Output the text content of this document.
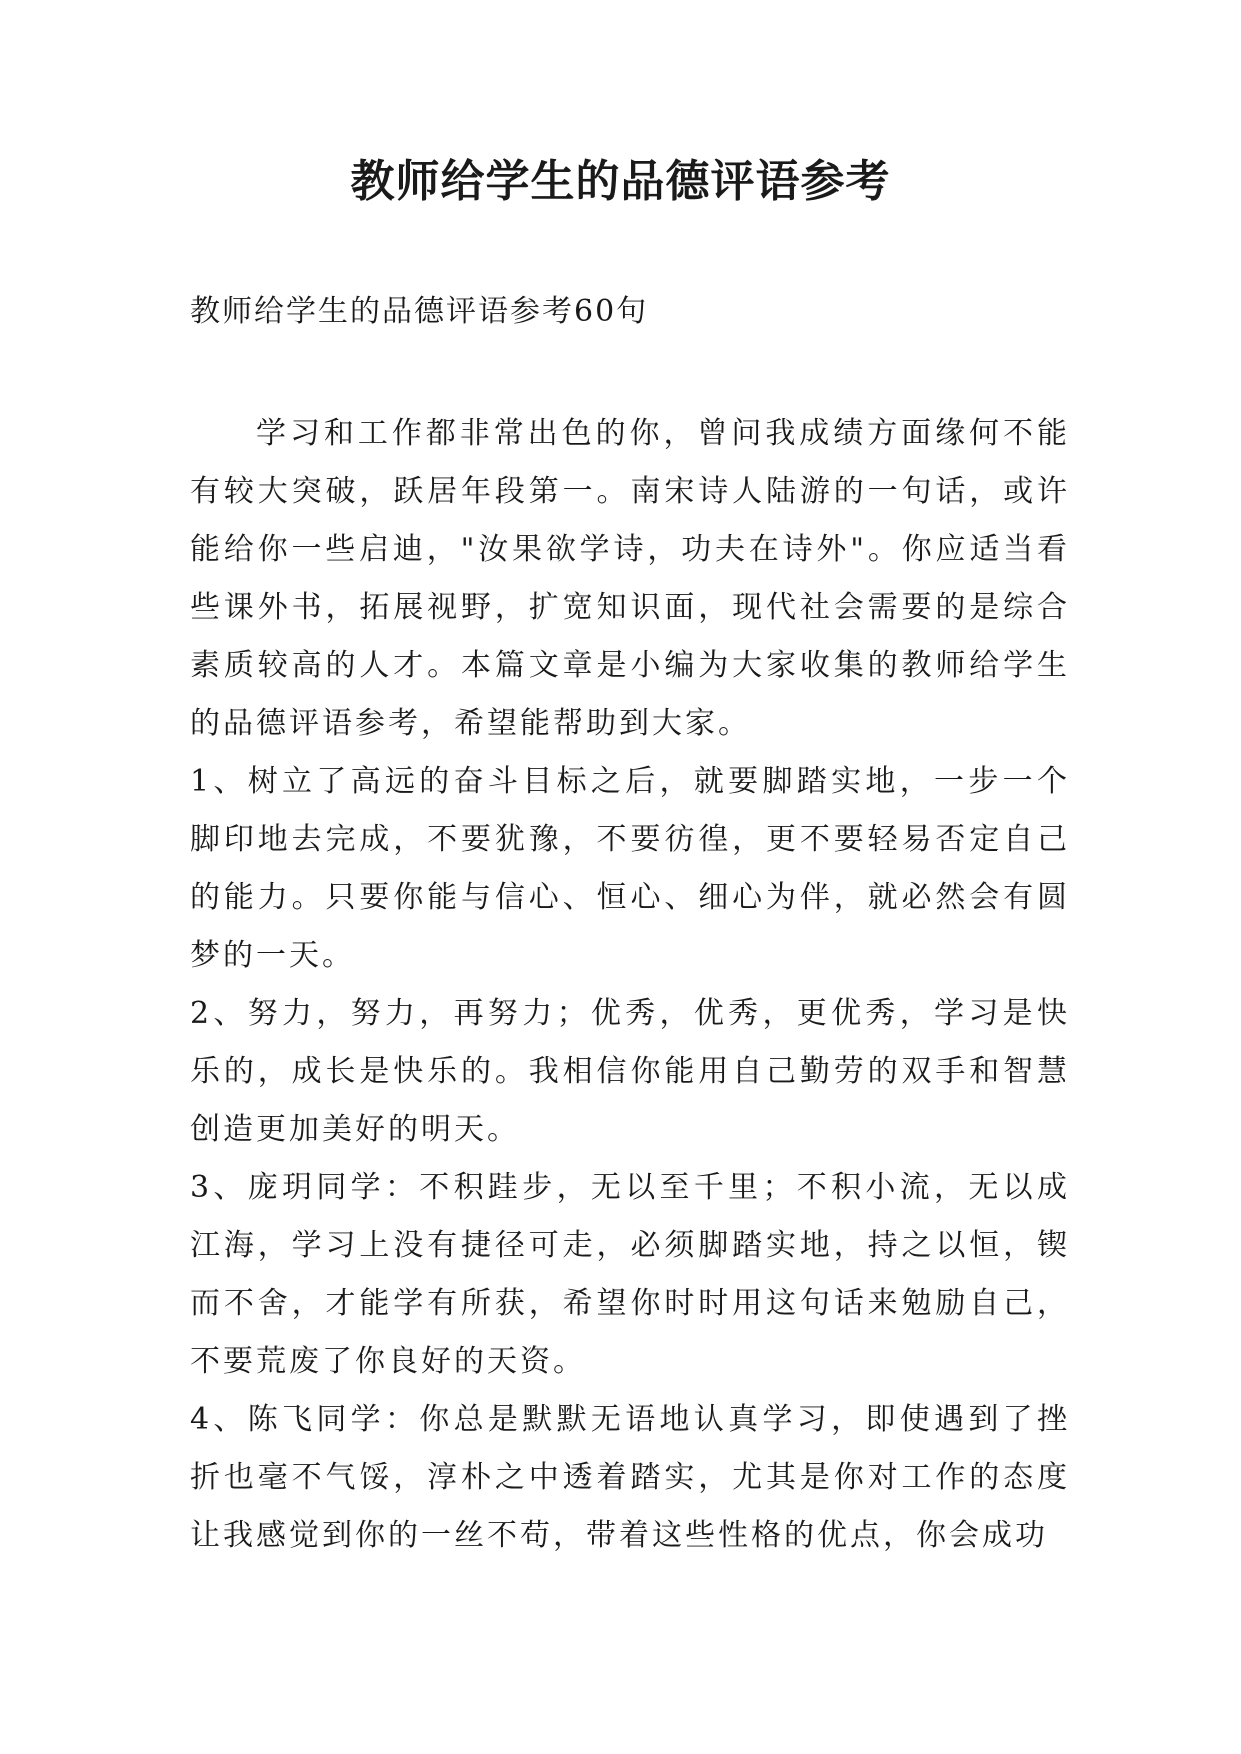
教师给学生的品德评语参考

教师给学生的品德评语参考60句

学习和工作都非常出色的你，曾问我成绩方面缘何不能有较大突破，跃居年段第一。南宋诗人陆游的一句话，或许能给你一些启迪，"汝果欲学诗，功夫在诗外"。你应适当看些课外书，拓展视野，扩宽知识面，现代社会需要的是综合素质较高的人才。本篇文章是小编为大家收集的教师给学生的品德评语参考，希望能帮助到大家。

1、树立了高远的奋斗目标之后，就要脚踏实地，一步一个脚印地去完成，不要犹豫，不要彷徨，更不要轻易否定自己的能力。只要你能与信心、恒心、细心为伴，就必然会有圆梦的一天。

2、努力，努力，再努力；优秀，优秀，更优秀，学习是快乐的，成长是快乐的。我相信你能用自己勤劳的双手和智慧创造更加美好的明天。

3、庞玥同学：不积跬步，无以至千里；不积小流，无以成江海，学习上没有捷径可走，必须脚踏实地，持之以恒，锲而不舍，才能学有所获，希望你时时用这句话来勉励自己，不要荒废了你良好的天资。

4、陈飞同学：你总是默默无语地认真学习，即使遇到了挫折也毫不气馁，淳朴之中透着踏实，尤其是你对工作的态度让我感觉到你的一丝不苟，带着这些性格的优点，你会成功
